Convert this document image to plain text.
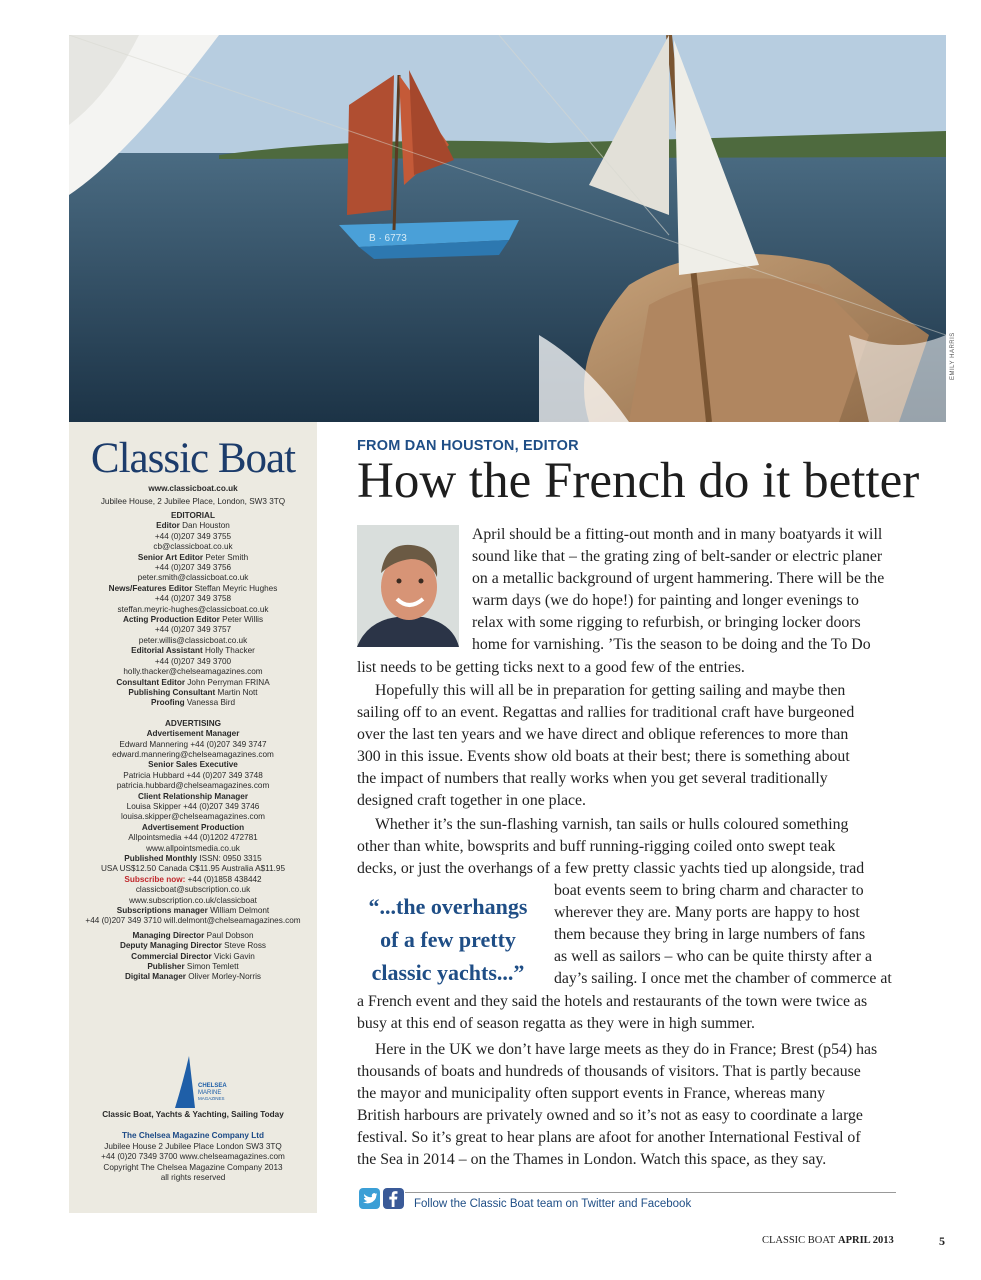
B · 6773
EMILY HARRIS
Classic Boat
www.classicboat.co.uk
Jubilee House, 2 Jubilee Place, London, SW3 3TQ
EDITORIAL
Editor Dan Houston
+44 (0)207 349 3755
cb@classicboat.co.uk
Senior Art Editor Peter Smith
+44 (0)207 349 3756
peter.smith@classicboat.co.uk
News/Features Editor Steffan Meyric Hughes
+44 (0)207 349 3758
steffan.meyric-hughes@classicboat.co.uk
Acting Production Editor Peter Willis
+44 (0)207 349 3757
peter.willis@classicboat.co.uk
Editorial Assistant Holly Thacker
+44 (0)207 349 3700
holly.thacker@chelseamagazines.com
Consultant Editor John Perryman FRINA
Publishing Consultant Martin Nott
Proofing Vanessa Bird
ADVERTISING
Advertisement Manager
Edward Mannering +44 (0)207 349 3747
edward.mannering@chelseamagazines.com
Senior Sales Executive
Patricia Hubbard +44 (0)207 349 3748
patricia.hubbard@chelseamagazines.com
Client Relationship Manager
Louisa Skipper +44 (0)207 349 3746
louisa.skipper@chelseamagazines.com
Advertisement Production
Allpointsmedia +44 (0)1202 472781
www.allpointsmedia.co.uk
Published Monthly ISSN: 0950 3315
USA US$12.50 Canada C$11.95 Australia A$11.95
Subscribe now: +44 (0)1858 438442
classicboat@subscription.co.uk
www.subscription.co.uk/classicboat
Subscriptions manager William Delmont
+44 (0)207 349 3710 will.delmont@chelseamagazines.com
Managing Director Paul Dobson
Deputy Managing Director Steve Ross
Commercial Director Vicki Gavin
Publisher Simon Temlett
Digital Manager Oliver Morley-Norris
CHELSEA
MARINE
MAGAZINES
Classic Boat, Yachts & Yachting, Sailing Today
The Chelsea Magazine Company Ltd
Jubilee House 2 Jubilee Place London SW3 3TQ
+44 (0)20 7349 3700 www.chelseamagazines.com
Copyright The Chelsea Magazine Company 2013
all rights reserved
FROM DAN HOUSTON, EDITOR
How the French do it better
April should be a fitting-out month and in many boatyards it will
sound like that – the grating zing of belt-sander or electric planer
on a metallic background of urgent hammering. There will be the
warm days (we do hope!) for painting and longer evenings to
relax with some rigging to refurbish, or bringing locker doors
home for varnishing. ’Tis the season to be doing and the To Do
list needs to be getting ticks next to a good few of the entries.
Hopefully this will all be in preparation for getting sailing and maybe then
sailing off to an event. Regattas and rallies for traditional craft have burgeoned
over the last ten years and we have direct and oblique references to more than
300 in this issue. Events show old boats at their best; there is something about
the impact of numbers that really works when you get several traditionally
designed craft together in one place.
Whether it’s the sun-flashing varnish, tan sails or hulls coloured something
other than white, bowsprits and buff running-rigging coiled onto swept teak
decks, or just the overhangs of a few pretty classic yachts tied up alongside, trad
boat events seem to bring charm and character to
wherever they are. Many ports are happy to host
them because they bring in large numbers of fans
as well as sailors – who can be quite thirsty after a
day’s sailing. I once met the chamber of commerce at
a French event and they said the hotels and restaurants of the town were twice as
busy at this end of season regatta as they were in high summer.
“...the overhangs
of a few pretty
classic yachts...”
Here in the UK we don’t have large meets as they do in France; Brest (p54) has
thousands of boats and hundreds of thousands of visitors. That is partly because
the mayor and municipality often support events in France, whereas many
British harbours are privately owned and so it’s not as easy to coordinate a large
festival. So it’s great to hear plans are afoot for another International Festival of
the Sea in 2014 – on the Thames in London. Watch this space, as they say.
Follow the Classic Boat team on Twitter and Facebook
CLASSIC BOAT APRIL 2013	5
